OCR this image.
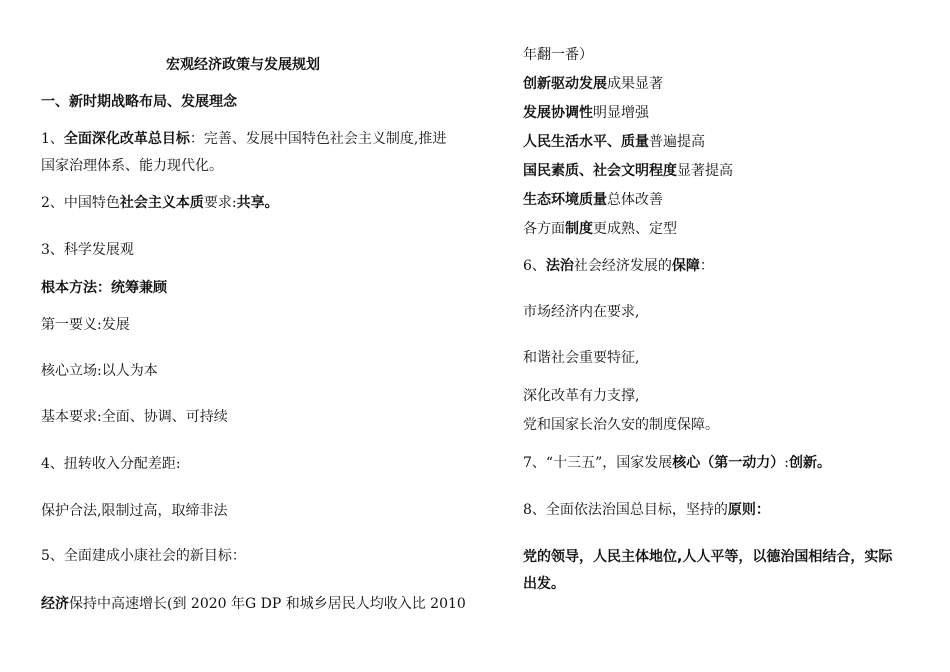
宏观经济政策与发展规划
一、新时期战略布局、发展理念
1、全面深化改革总目标：完善、发展中国特色社会主义制度,推进
国家治理体系、能力现代化。
2、中国特色社会主义本质要求:共享。
3、科学发展观
根本方法：统筹兼顾
第一要义:发展
核心立场:以人为本
基本要求:全面、协调、可持续
4、扭转收入分配差距:
保护合法,限制过高，取缔非法
5、全面建成小康社会的新目标：
经济保持中高速增长(到 2020 年G DP 和城乡居民人均收入比 2010
年翻一番）
创新驱动发展成果显著
发展协调性明显增强
人民生活水平、质量普遍提高
国民素质、社会文明程度显著提高
生态环境质量总体改善
各方面制度更成熟、定型
6、法治社会经济发展的保障：
市场经济内在要求,
和谐社会重要特征,
深化改革有力支撑,
党和国家长治久安的制度保障。
7、“十三五”，国家发展核心（第一动力）:创新。
8、全面依法治国总目标，坚持的原则：
党的领导，人民主体地位,人人平等，以德治国相结合，实际
出发。
